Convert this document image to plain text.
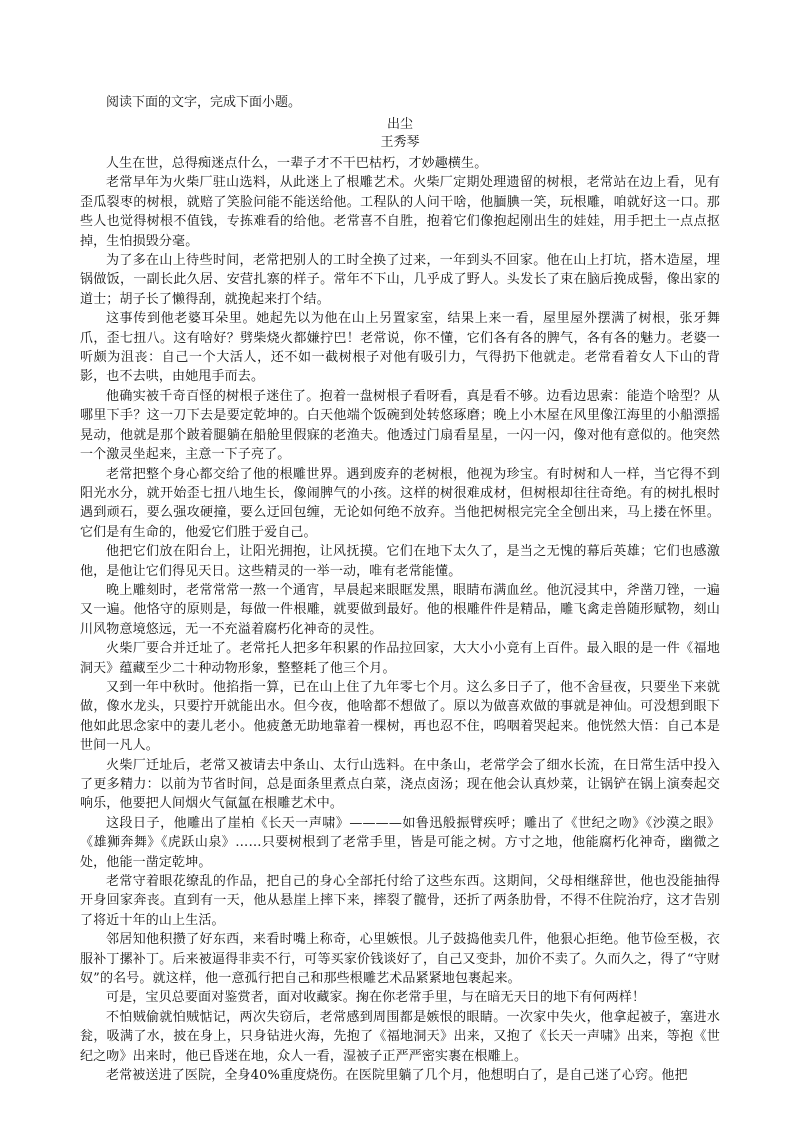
阅读下面的文字，完成下面小题。

出尘

王秀琴

人生在世，总得痴迷点什么，一辈子才不干巴枯朽，才妙趣横生。

老常早年为火柴厂驻山选料，从此迷上了根雕艺术。火柴厂定期处理遗留的树根，老常站在边上看，见有歪瓜裂枣的树根，就赔了笑脸问能不能送给他。工程队的人问干啥，他腼腆一笑，玩根雕，咱就好这一口。那些人也觉得树根不值钱，专拣难看的给他。老常喜不自胜，抱着它们像抱起刚出生的娃娃，用手把土一点点抠掉，生怕损毁分毫。

为了多在山上待些时间，老常把别人的工时全换了过来，一年到头不回家。他在山上打坑，搭木造屋，埋锅做饭，一副长此久居、安营扎寨的样子。常年不下山，几乎成了野人。头发长了束在脑后挽成髻，像出家的道士；胡子长了懒得刮，就挽起来打个结。

这事传到他老婆耳朵里。她起先以为他在山上另置家室，结果上来一看，屋里屋外摆满了树根，张牙舞爪，歪七扭八。这有啥好？劈柴烧火都嫌拧巴！老常说，你不懂，它们各有各的脾气，各有各的魅力。老婆一听颇为沮丧：自己一个大活人，还不如一截树根子对他有吸引力，气得扔下他就走。老常看着女人下山的背影，也不去哄，由她甩手而去。

他确实被千奇百怪的树根子迷住了。抱着一盘树根子看呀看，真是看不够。边看边思索：能造个啥型？从哪里下手？这一刀下去是要定乾坤的。白天他端个饭碗到处转悠琢磨；晚上小木屋在风里像江海里的小船漂摇晃动，他就是那个跛着腿躺在船舱里假寐的老渔夫。他透过门扇看星星，一闪一闪，像对他有意似的。他突然一个激灵坐起来，主意一下子亮了。

老常把整个身心都交给了他的根雕世界。遇到废弃的老树根，他视为珍宝。有时树和人一样，当它得不到阳光水分，就开始歪七扭八地生长，像闹脾气的小孩。这样的树很难成材，但树根却往往奇绝。有的树扎根时遇到顽石，要么强攻硬撞，要么迂回包缠，无论如何绝不放弃。当他把树根完完全全刨出来，马上搂在怀里。它们是有生命的，他爱它们胜于爱自己。

他把它们放在阳台上，让阳光拥抱，让风抚摸。它们在地下太久了，是当之无愧的幕后英雄；它们也感激他，是他让它们得见天日。这些精灵的一举一动，唯有老常能懂。

晚上雕刻时，老常常常一熬一个通宵，早晨起来眼眶发黑，眼睛布满血丝。他沉浸其中，斧凿刀锉，一遍又一遍。他恪守的原则是，每做一件根雕，就要做到最好。他的根雕件件是精品，雕飞禽走兽随形赋物，刻山川风物意境悠远，无一不充溢着腐朽化神奇的灵性。

火柴厂要合并迁址了。老常托人把多年积累的作品拉回家，大大小小竟有上百件。最入眼的是一件《福地洞天》蕴藏至少二十种动物形象，整整耗了他三个月。

又到一年中秋时。他掐指一算，已在山上住了九年零七个月。这么多日子了，他不舍昼夜，只要坐下来就做，像水龙头，只要拧开就能出水。但今夜，他啥都不想做了。原以为做喜欢做的事就是神仙。可没想到眼下他如此思念家中的妻儿老小。他疲惫无助地靠着一棵树，再也忍不住，呜咽着哭起来。他恍然大悟：自己本是世间一凡人。

火柴厂迁址后，老常又被请去中条山、太行山选料。在中条山，老常学会了细水长流，在日常生活中投入了更多精力：以前为节省时间，总是面条里煮点白菜，浇点卤汤；现在他会认真炒菜，让锅铲在锅上演奏起交响乐，他要把人间烟火气氤氲在根雕艺术中。

这段日子，他雕出了崖柏《长天一声啸》————如鲁迅般振臂疾呼；雕出了《世纪之吻》《沙漠之眼》《雄狮奔舞》《虎跃山泉》……只要树根到了老常手里，皆是可能之树。方寸之地，他能腐朽化神奇，幽微之处，他能一凿定乾坤。

老常守着眼花缭乱的作品，把自己的身心全部托付给了这些东西。这期间，父母相继辞世，他也没能抽得开身回家奔丧。直到有一天，他从悬崖上摔下来，摔裂了髋骨，还折了两条肋骨，不得不住院治疗，这才告别了将近十年的山上生活。

邻居知他积攒了好东西，来看时嘴上称奇，心里嫉恨。儿子鼓捣他卖几件，他狠心拒绝。他节俭至极，衣服补丁摞补丁。后来被逼得非卖不行，可等买家价钱谈好了，自己又变卦，加价不卖了。久而久之，得了“守财奴”的名号。就这样，他一意孤行把自己和那些根雕艺术品紧紧地包裹起来。

可是，宝贝总要面对鉴赏者，面对收藏家。掬在你老常手里，与在暗无天日的地下有何两样！

不怕贼偷就怕贼惦记，两次失窃后，老常感到周围都是嫉恨的眼睛。一次家中失火，他拿起被子，塞进水瓮，吸满了水，披在身上，只身钻进火海，先抱了《福地洞天》出来，又抱了《长天一声啸》出来，等抱《世纪之吻》出来时，他已昏迷在地，众人一看，湿被子正严严密实裹在根雕上。

老常被送进了医院，全身40%重度烧伤。在医院里躺了几个月，他想明白了，是自己迷了心窍。他把
